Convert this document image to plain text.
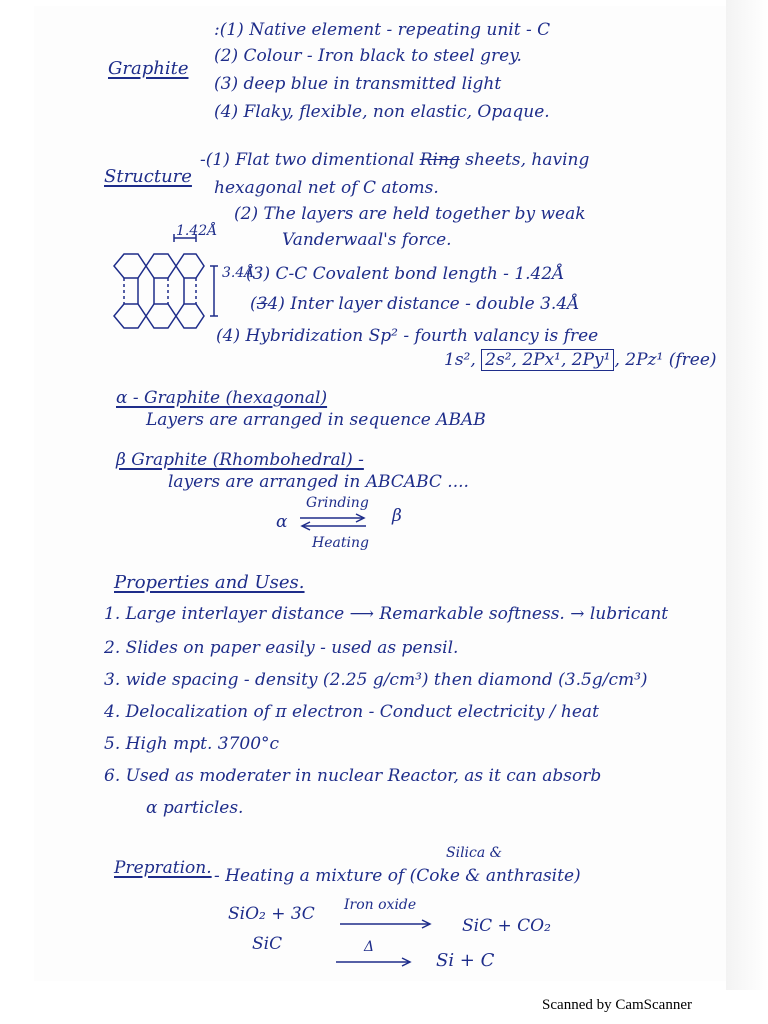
Graphite
:(1) Native element - repeating unit - C
(2) Colour - Iron black to steel grey.
(3) deep blue in transmitted light
(4) Flaky, flexible, non elastic, Opaque.
Structure
-(1) Flat two dimentional Ring sheets, having
hexagonal net of C atoms.
(2) The layers are held together by weak
Vanderwaal's force.
(3) C-C Covalent bond length - 1.42Å
(34) Inter layer distance - double 3.4Å
(4) Hybridization Sp² - fourth valancy is free
1s², 2s², 2Px¹, 2Py¹ , 2Pz¹ (free)
1.42Å
3.4Å
α - Graphite (hexagonal)
Layers are arranged in sequence ABAB
β Graphite (Rhombohedral) -
layers are arranged in ABCABC ....
α
Grinding
β
Heating
Properties and Uses.
1. Large interlayer distance ⟶ Remarkable softness. → lubricant
2. Slides on paper easily - used as pensil.
3. wide spacing - density (2.25 g/cm³) then diamond (3.5g/cm³)
4. Delocalization of π electron - Conduct electricity / heat
5. High mpt. 3700°c
6. Used as moderater in nuclear Reactor, as it can absorb
α particles.
Silica &
Prepration. - Heating a mixture of (Coke & anthrasite)
SiO₂ + 3C Iron oxide
SiC + CO₂
SiC	Δ
Si + C
Scanned by CamScanner
